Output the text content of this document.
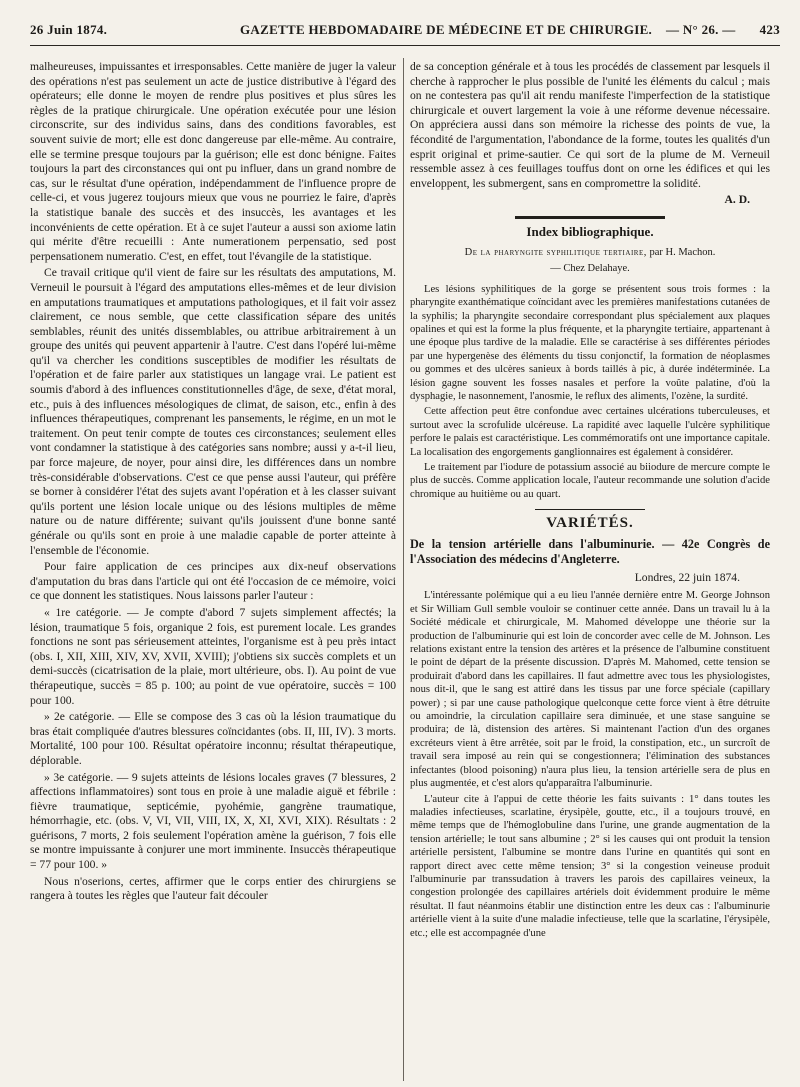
26 Juin 1874.	GAZETTE HEBDOMADAIRE DE MÉDECINE ET DE CHIRURGIE. — N° 26. — 423

malheureuses, impuissantes et irresponsables. Cette manière de juger la valeur des opérations n'est pas seulement un acte de justice distributive à l'égard des opérateurs; elle donne le moyen de rendre plus positives et plus sûres les règles de la pratique chirurgicale. Une opération exécutée pour une lésion circonscrite, sur des individus sains, dans des conditions favorables, est souvent suivie de mort; elle est donc dangereuse par elle-même. Au contraire, elle se termine presque toujours par la guérison; elle est donc bénigne. Faites toujours la part des circonstances qui ont pu influer, dans un grand nombre de cas, sur le résultat d'une opération, indépendamment de l'influence propre de celle-ci, et vous jugerez toujours mieux que vous ne pourriez le faire, d'après la statistique banale des succès et des insuccès, les avantages et les inconvénients de cette opération. Et à ce sujet l'auteur a aussi son axiome latin qui mérite d'être recueilli : Ante numerationem perpensatio, sed post perpensationem numeratio. C'est, en effet, tout l'évangile de la statistique.

Ce travail critique qu'il vient de faire sur les résultats des amputations, M. Verneuil le poursuit à l'égard des amputations elles-mêmes et de leur division en amputations traumatiques et amputations pathologiques, et il fait voir assez clairement, ce nous semble, que cette classification sépare des unités semblables, réunit des unités dissemblables, ou attribue arbitrairement à un groupe des unités qui peuvent appartenir à l'autre. C'est dans l'opéré lui-même qu'il va chercher les conditions susceptibles de modifier les résultats de l'opération et de faire parler aux statistiques un langage vrai. Le patient est soumis d'abord à des influences constitutionnelles d'âge, de sexe, d'état moral, etc., puis à des influences mésologiques de climat, de saison, etc., enfin à des influences thérapeutiques, comprenant les pansements, le régime, en un mot le traitement. On peut tenir compte de toutes ces circonstances; seulement elles vont condamner la statistique à des catégories sans nombre; aussi y a-t-il lieu, par force majeure, de noyer, pour ainsi dire, les différences dans un nombre très-considérable d'observations. C'est ce que pense aussi l'auteur, qui préfère se borner à considérer l'état des sujets avant l'opération et à les classer suivant qu'ils portent une lésion locale unique ou des lésions multiples de même nature ou de nature différente; suivant qu'ils jouissent d'une bonne santé générale ou qu'ils sont en proie à une maladie capable de porter atteinte à l'ensemble de l'économie.

Pour faire application de ces principes aux dix-neuf observations d'amputation du bras dans l'article qui ont été l'occasion de ce mémoire, voici ce que donnent les statistiques. Nous laissons parler l'auteur :

« 1re catégorie. — Je compte d'abord 7 sujets simplement affectés; la lésion, traumatique 5 fois, organique 2 fois, est purement locale. Les grandes fonctions ne sont pas sérieusement atteintes, l'organisme est à peu près intact (obs. I, XII, XIII, XIV, XV, XVII, XVIII); j'obtiens six succès complets et un demi-succès (cicatrisation de la plaie, mort ultérieure, obs. I). Au point de vue thérapeutique, succès = 85 p. 100; au point de vue opératoire, succès = 100 pour 100.

» 2e catégorie. — Elle se compose des 3 cas où la lésion traumatique du bras était compliquée d'autres blessures coïncidantes (obs. II, III, IV). 3 morts. Mortalité, 100 pour 100. Résultat opératoire inconnu; résultat thérapeutique, déplorable.

» 3e catégorie. — 9 sujets atteints de lésions locales graves (7 blessures, 2 affections inflammatoires) sont tous en proie à une maladie aiguë et fébrile : fièvre traumatique, septicémie, pyohémie, gangrène traumatique, hémorrhagie, etc. (obs. V, VI, VII, VIII, IX, X, XI, XVI, XIX). Résultats : 2 guérisons, 7 morts, 2 fois seulement l'opération amène la guérison, 7 fois elle se montre impuissante à conjurer une mort imminente. Insuccès thérapeutique = 77 pour 100. »

Nous n'oserions, certes, affirmer que le corps entier des chirurgiens se rangera à toutes les règles que l'auteur fait découler

de sa conception générale et à tous les procédés de classement par lesquels il cherche à rapprocher le plus possible de l'unité les éléments du calcul ; mais on ne contestera pas qu'il ait rendu manifeste l'imperfection de la statistique chirurgicale et ouvert largement la voie à une réforme devenue nécessaire. On appréciera aussi dans son mémoire la richesse des points de vue, la fécondité de l'argumentation, l'abondance de la forme, toutes les qualités d'un esprit original et prime-sautier. Ce qui sort de la plume de M. Verneuil ressemble assez à ces feuillages touffus dont on orne les édifices et qui les enveloppent, les submergent, sans en compromettre la solidité.

A. D.
Index bibliographique.
De la pharyngite syphilitique tertiaire, par H. Machon.
— Chez Delahaye.

Les lésions syphilitiques de la gorge se présentent sous trois formes : la pharyngite exanthématique coïncidant avec les premières manifestations cutanées de la syphilis; la pharyngite secondaire correspondant plus spécialement aux plaques opalines et qui est la forme la plus fréquente, et la pharyngite tertiaire, appartenant à une époque plus tardive de la maladie. Elle se caractérise à ses différentes périodes par une hypergenèse des éléments du tissu conjonctif, la formation de néoplasmes ou gommes et des ulcères sanieux à bords taillés à pic, à durée indéterminée. La lésion gagne souvent les fosses nasales et perfore la voûte palatine, d'où la dysphagie, le nasonnement, l'anosmie, le reflux des aliments, l'ozène, la surdité.

Cette affection peut être confondue avec certaines ulcérations tuberculeuses, et surtout avec la scrofulide ulcéreuse. La rapidité avec laquelle l'ulcère syphilitique perfore le palais est caractéristique. Les commémoratifs ont une importance capitale. La localisation des engorgements ganglionnaires est également à considérer.

Le traitement par l'iodure de potassium associé au biiodure de mercure compte le plus de succès. Comme application locale, l'auteur recommande une solution d'acide chromique au huitième ou au quart.

VARIÉTÉS.

De la tension artérielle dans l'albuminurie. — 42e Congrès de l'Association des médecins d'Angleterre.

Londres, 22 juin 1874.

L'intéressante polémique qui a eu lieu l'année dernière entre M. George Johnson et Sir William Gull semble vouloir se continuer cette année. Dans un travail lu à la Société médicale et chirurgicale, M. Mahomed développe une théorie sur la production de l'albuminurie qui est loin de concorder avec celle de M. Johnson. Les relations existant entre la tension des artères et la présence de l'albumine constituent le point de départ de la présente discussion. D'après M. Mahomed, cette tension se produirait d'abord dans les capillaires. Il faut admettre avec tous les physiologistes, nous dit-il, que le sang est attiré dans les tissus par une force spéciale (capillary power) ; si par une cause pathologique quelconque cette force vient à être détruite ou amoindrie, la circulation capillaire sera diminuée, et une stase sanguine se produira; de là, distension des artères. Si maintenant l'action d'un des organes excréteurs vient à être arrêtée, soit par le froid, la constipation, etc., un surcroît de travail sera imposé au rein qui se congestionnera; l'élimination des substances infectantes (blood poisoning) n'aura plus lieu, la tension artérielle sera de plus en plus augmentée, et c'est alors qu'apparaîtra l'albuminurie.

L'auteur cite à l'appui de cette théorie les faits suivants : 1° dans toutes les maladies infectieuses, scarlatine, érysipèle, goutte, etc., il a toujours trouvé, en même temps que de l'hémoglobuline dans l'urine, une grande augmentation de la tension artérielle; le tout sans albumine ; 2° si les causes qui ont produit la tension artérielle persistent, l'albumine se montre dans l'urine en quantités qui sont en rapport direct avec cette même tension; 3° si la congestion veineuse produit l'albuminurie par transsudation à travers les parois des capillaires veineux, la congestion prolongée des capillaires artériels doit évidemment produire le même résultat. Il faut néanmoins établir une distinction entre les deux cas : l'albuminurie artérielle vient à la suite d'une maladie infectieuse, telle que la scarlatine, l'érysipèle, etc.; elle est accompagnée d'une
